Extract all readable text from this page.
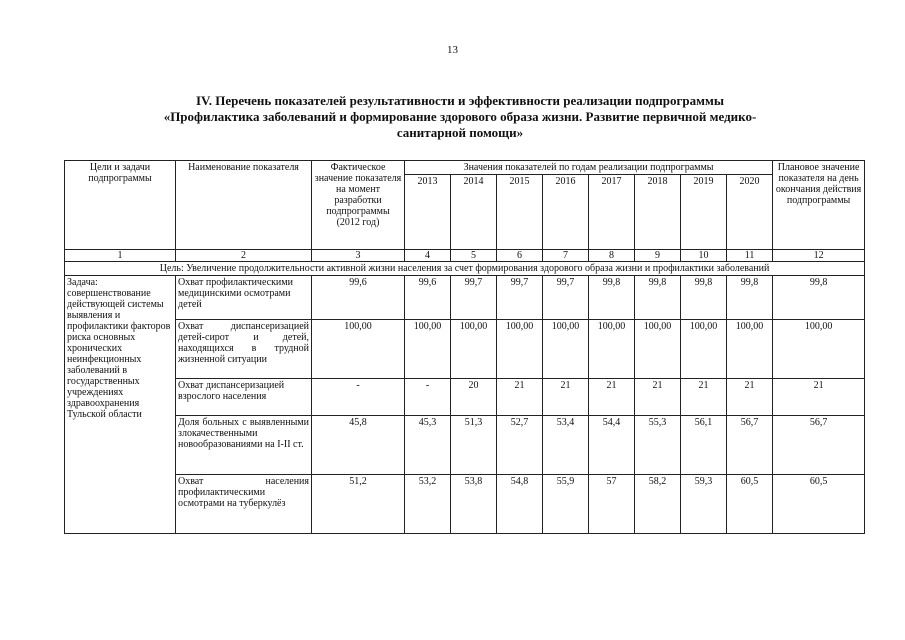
13
IV. Перечень показателей результативности и эффективности реализации подпрограммы
«Профилактика заболеваний и формирование здорового образа жизни. Развитие первичной медико-
санитарной помощи»
Цели и задачи подпрограммы	Наименование показателя	Фактическое значение показателя на момент разработки подпрограммы (2012 год)	Значения показателей по годам реализации подпрограммы								Плановое значение показателя на день окончания действия подпрограммы
			2013	2014	2015	2016	2017	2018	2019	2020	
1	2	3	4	5	6	7	8	9	10	11	12
Цель: Увеличение продолжительности активной жизни населения за счет формирования здорового образа жизни и профилактики заболеваний											
Задача: совершенствование действующей системы выявления и профилактики факторов риска основных хронических неинфекционных заболеваний в государственных учреждениях здравоохранения Тульской области	Охват профилактическими медицинскими осмотрами детей	99,6	99,6	99,7	99,7	99,7	99,8	99,8	99,8	99,8	99,8
	Охват диспансеризацией детей-сирот и детей, находящихся в трудной жизненной ситуации	100,00	100,00	100,00	100,00	100,00	100,00	100,00	100,00	100,00	100,00
	Охват диспансеризацией взрослого населения	-	-	20	21	21	21	21	21	21	21
	Доля больных с выявленными злокачественными новообразованиями на I-II ст.	45,8	45,3	51,3	52,7	53,4	54,4	55,3	56,1	56,7	56,7
	Охват населения профилактическими осмотрами на туберкулёз	51,2	53,2	53,8	54,8	55,9	57	58,2	59,3	60,5	60,5
